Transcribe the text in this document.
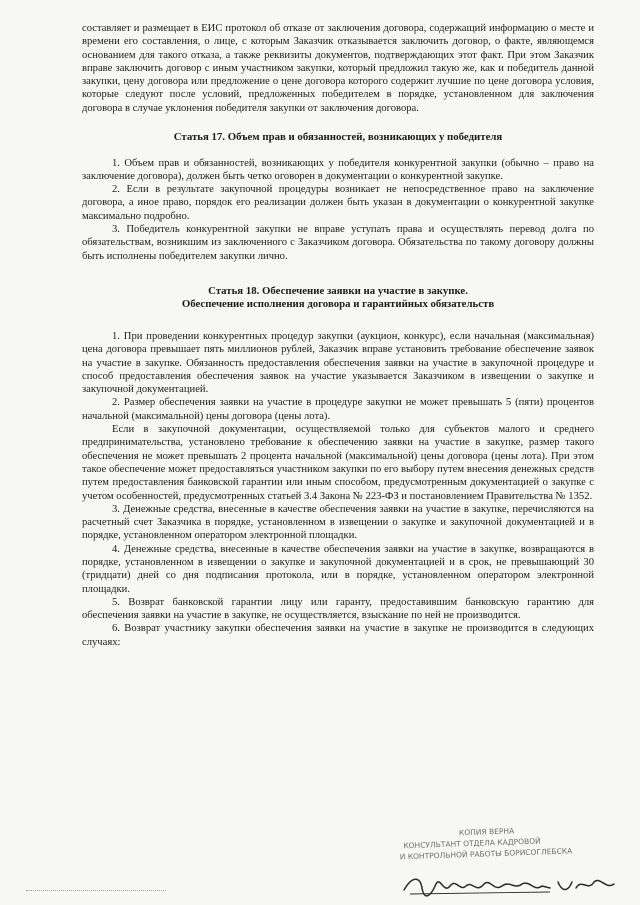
составляет и размещает в ЕИС протокол об отказе от заключения договора, содержащий информацию о месте и времени его составления, о лице, с которым Заказчик отказывается заключить договор, о факте, являющемся основанием для такого отказа, а также реквизиты документов, подтверждающих этот факт. При этом Заказчик вправе заключить договор с иным участником закупки, который предложил такую же, как и победитель данной закупки, цену договора или предложение о цене договора которого содержит лучшие по цене договора условия, которые следуют после условий, предложенных победителем в порядке, установленном для заключения договора в случае уклонения победителя закупки от заключения договора.

Статья 17. Объем прав и обязанностей, возникающих у победителя

1. Объем прав и обязанностей, возникающих у победителя конкурентной закупки (обычно – право на заключение договора), должен быть четко оговорен в документации о конкурентной закупке.

2. Если в результате закупочной процедуры возникает не непосредственное право на заключение договора, а иное право, порядок его реализации должен быть указан в документации о конкурентной закупке максимально подробно.

3. Победитель конкурентной закупки не вправе уступать права и осуществлять перевод долга по обязательствам, возникшим из заключенного с Заказчиком договора. Обязательства по такому договору должны быть исполнены победителем закупки лично.

Статья 18. Обеспечение заявки на участие в закупке.
Обеспечение исполнения договора и гарантийных обязательств

1. При проведении конкурентных процедур закупки (аукцион, конкурс), если начальная (максимальная) цена договора превышает пять миллионов рублей, Заказчик вправе установить требование обеспечение заявок на участие в закупке. Обязанность предоставления обеспечения заявки на участие в закупочной процедуре и способ предоставления обеспечения заявок на участие указывается Заказчиком в извещении о закупке и закупочной документацией.

2. Размер обеспечения заявки на участие в процедуре закупки не может превышать 5 (пяти) процентов начальной (максимальной) цены договора (цены лота).

Если в закупочной документации, осуществляемой только для субъектов малого и среднего предпринимательства, установлено требование к обеспечению заявки на участие в закупке, размер такого обеспечения не может превышать 2 процента начальной (максимальной) цены договора (цены лота). При этом такое обеспечение может предоставляться участником закупки по его выбору путем внесения денежных средств путем предоставления банковской гарантии или иным способом, предусмотренным документацией о закупке с учетом особенностей, предусмотренных статьей 3.4 Закона № 223-ФЗ и постановлением Правительства № 1352.

3. Денежные средства, внесенные в качестве обеспечения заявки на участие в закупке, перечисляются на расчетный счет Заказчика в порядке, установленном в извещении о закупке и закупочной документацией и в порядке, установленном оператором электронной площадки.

4. Денежные средства, внесенные в качестве обеспечения заявки на участие в закупке, возвращаются в порядке, установленном в извещении о закупке и закупочной документацией и в срок, не превышающий 30 (тридцати) дней со дня подписания протокола, или в порядке, установленном оператором электронной площадки.

5. Возврат банковской гарантии лицу или гаранту, предоставившим банковскую гарантию для обеспечения заявки на участие в закупке, не осуществляется, взыскание по ней не производится.

6. Возврат участнику закупки обеспечения заявки на участие в закупке не производится в следующих случаях:

КОПИЯ ВЕРНА
КОНСУЛЬТАНТ ОТДЕЛА КАДРОВОЙ
И КОНТРОЛЬНОЙ РАБОТЫ БОРИСОГЛЕБСКА
